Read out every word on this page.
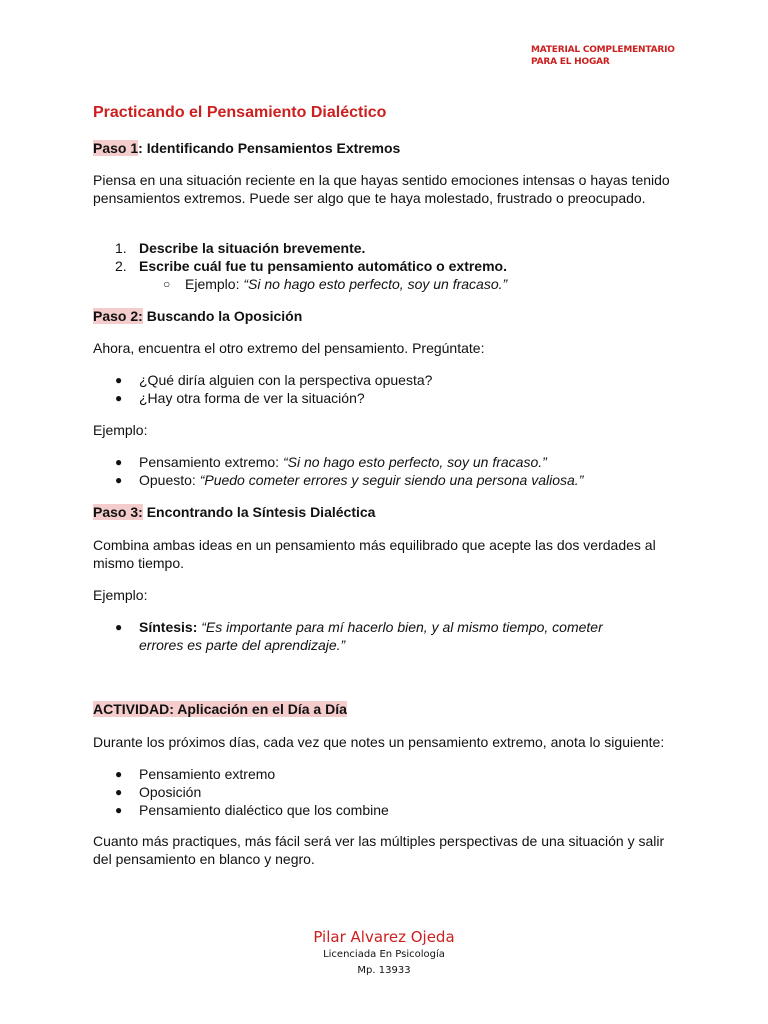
MATERIAL COMPLEMENTARIO
PARA EL HOGAR
Practicando el Pensamiento Dialéctico
Paso 1: Identificando Pensamientos Extremos
Piensa en una situación reciente en la que hayas sentido emociones intensas o hayas tenido pensamientos extremos. Puede ser algo que te haya molestado, frustrado o preocupado.
1. Describe la situación brevemente.
2. Escribe cuál fue tu pensamiento automático o extremo.
○ Ejemplo: “Si no hago esto perfecto, soy un fracaso.”
Paso 2: Buscando la Oposición
Ahora, encuentra el otro extremo del pensamiento. Pregúntate:
● ¿Qué diría alguien con la perspectiva opuesta?
● ¿Hay otra forma de ver la situación?
Ejemplo:
● Pensamiento extremo: “Si no hago esto perfecto, soy un fracaso.”
● Opuesto: “Puedo cometer errores y seguir siendo una persona valiosa.”
Paso 3: Encontrando la Síntesis Dialéctica
Combina ambas ideas en un pensamiento más equilibrado que acepte las dos verdades al mismo tiempo.
Ejemplo:
● Síntesis: “Es importante para mí hacerlo bien, y al mismo tiempo, cometer errores es parte del aprendizaje.”
ACTIVIDAD: Aplicación en el Día a Día
Durante los próximos días, cada vez que notes un pensamiento extremo, anota lo siguiente:
● Pensamiento extremo
● Oposición
● Pensamiento dialéctico que los combine
Cuanto más practiques, más fácil será ver las múltiples perspectivas de una situación y salir del pensamiento en blanco y negro.
Pilar Alvarez Ojeda
Licenciada En Psicología
Mp. 13933
